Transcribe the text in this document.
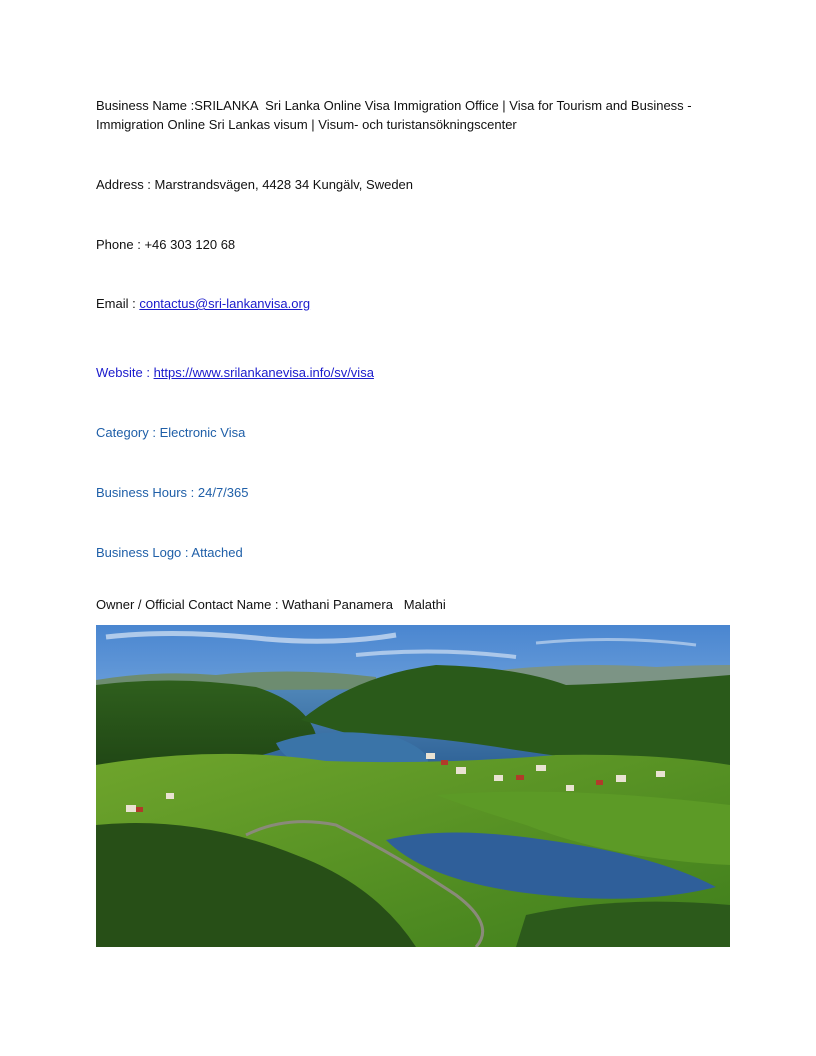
Business Name :SRILANKA  Sri Lanka Online Visa Immigration Office | Visa for Tourism and Business - Immigration Online Sri Lankas visum | Visum- och turistansökningscenter
Address : Marstrandsvägen, 4428 34 Kungälv, Sweden
Phone : +46 303 120 68
Email : contactus@sri-lankanvisa.org
Website : https://www.srilankanevisa.info/sv/visa
Category : Electronic Visa
Business Hours : 24/7/365
Business Logo : Attached
Owner / Official Contact Name : Wathani Panamera   Malathi
